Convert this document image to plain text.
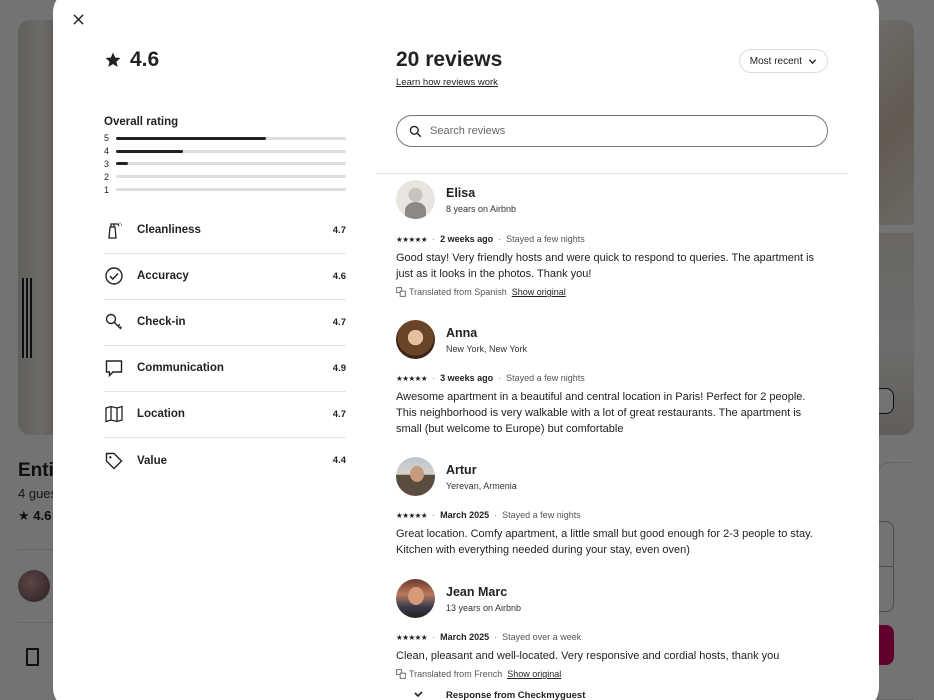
4.6
Overall rating
5
4
3
2
1
Cleanliness	4.7
Accuracy	4.6
Check-in	4.7
Communication	4.9
Location	4.7
Value	4.4
20 reviews
Learn how reviews work
Most recent
Search reviews
Elisa
8 years on Airbnb
★★★★★ · 2 weeks ago · Stayed a few nights
Good stay! Very friendly hosts and were quick to respond to queries. The apartment is just as it looks in the photos. Thank you!
Translated from Spanish Show original
Anna
New York, New York
★★★★★ · 3 weeks ago · Stayed a few nights
Awesome apartment in a beautiful and central location in Paris! Perfect for 2 people. This neighborhood is very walkable with a lot of great restaurants. The apartment is small (but welcome to Europe) but comfortable
Artur
Yerevan, Armenia
★★★★★ · March 2025 · Stayed a few nights
Great location. Comfy apartment, a little small but good enough for 2-3 people to stay. Kitchen with everything needed during your stay, even oven)
Jean Marc
13 years on Airbnb
★★★★★ · March 2025 · Stayed over a week
Clean, pleasant and well-located. Very responsive and cordial hosts, thank you
Translated from French Show original
Response from Checkmyguest
